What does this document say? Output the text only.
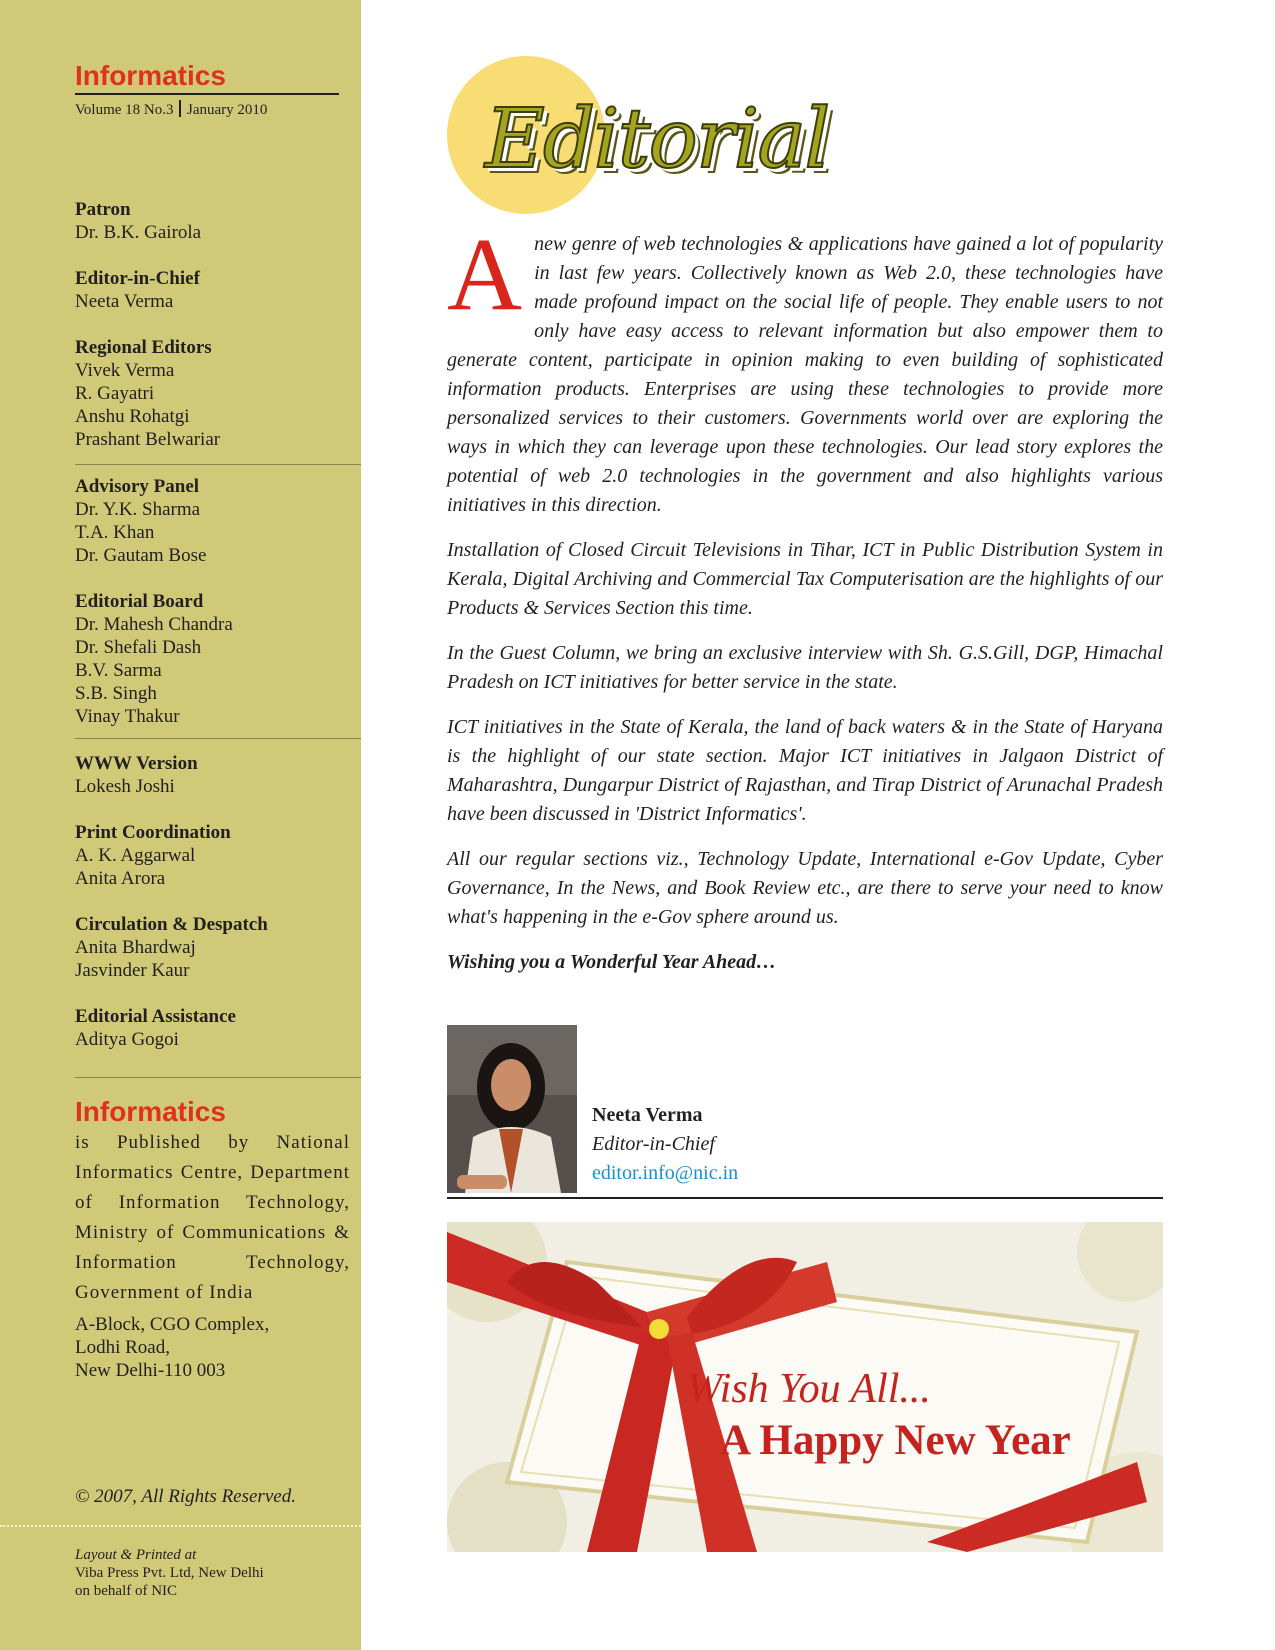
Informatics
Volume 18 No.3 January 2010
Patron
Dr. B.K. Gairola
Editor-in-Chief
Neeta Verma
Regional Editors
Vivek Verma
R. Gayatri
Anshu Rohatgi
Prashant Belwariar
Advisory Panel
Dr. Y.K. Sharma
T.A. Khan
Dr. Gautam Bose
Editorial Board
Dr. Mahesh Chandra
Dr. Shefali Dash
B.V. Sarma
S.B. Singh
Vinay Thakur
WWW Version
Lokesh Joshi
Print Coordination
A. K. Aggarwal
Anita Arora
Circulation & Despatch
Anita Bhardwaj
Jasvinder Kaur
Editorial Assistance
Aditya Gogoi
Informatics
is Published by National Informatics Centre, Department of Information Technology, Ministry of Communications & Information Technology, Government of India
A-Block, CGO Complex,
Lodhi Road,
New Delhi-110 003
© 2007, All Rights Reserved.
Layout & Printed at
Viba Press Pvt. Ltd, New Delhi
on behalf of NIC
Editorial

Anew genre of web technologies & applications have gained a lot of popularity in last few years. Collectively known as Web 2.0, these technologies have made profound impact on the social life of people. They enable users to not only have easy access to relevant information but also empower them to generate content, participate in opinion making to even building of sophisticated information products. Enterprises are using these technologies to provide more personalized services to their customers. Governments world over are exploring the ways in which they can leverage upon these technologies. Our lead story explores the potential of web 2.0 technologies in the government and also highlights various initiatives in this direction.

Installation of Closed Circuit Televisions in Tihar, ICT in Public Distribution System in Kerala, Digital Archiving and Commercial Tax Computerisation are the highlights of our Products & Services Section this time.

In the Guest Column, we bring an exclusive interview with Sh. G.S.Gill, DGP, Himachal Pradesh on ICT initiatives for better service in the state.

ICT initiatives in the State of Kerala, the land of back waters & in the State of Haryana is the highlight of our state section. Major ICT initiatives in Jalgaon District of Maharashtra, Dungarpur District of Rajasthan, and Tirap District of Arunachal Pradesh have been discussed in 'District Informatics'.

All our regular sections viz., Technology Update, International e-Gov Update, Cyber Governance, In the News, and Book Review etc., are there to serve your need to know what's happening in the e-Gov sphere around us.

Wishing you a Wonderful Year Ahead…

Neeta Verma
Editor-in-Chief
editor.info@nic.in
Wish You All...
A Happy New Year
